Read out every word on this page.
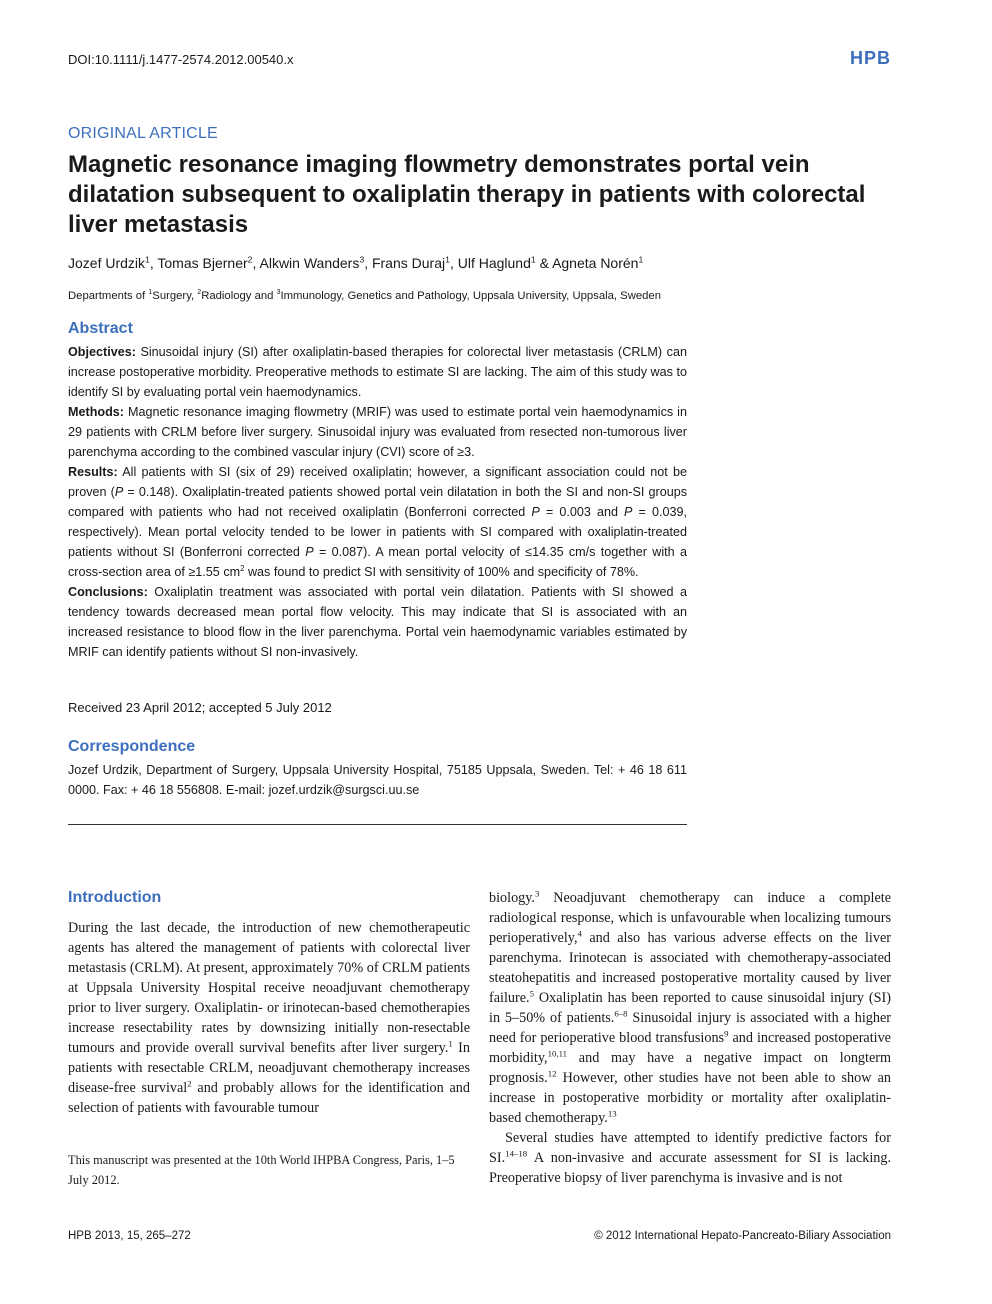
DOI:10.1111/j.1477-2574.2012.00540.x	HPB
ORIGINAL ARTICLE
Magnetic resonance imaging flowmetry demonstrates portal vein dilatation subsequent to oxaliplatin therapy in patients with colorectal liver metastasis
Jozef Urdzik$^1$, Tomas Bjerner$^2$, Alkwin Wanders$^3$, Frans Duraj$^1$, Ulf Haglund$^1$ & Agneta Norén$^1$
Departments of $^1$Surgery, $^2$Radiology and $^3$Immunology, Genetics and Pathology, Uppsala University, Uppsala, Sweden
Abstract

Objectives: Sinusoidal injury (SI) after oxaliplatin-based therapies for colorectal liver metastasis (CRLM) can increase postoperative morbidity. Preoperative methods to estimate SI are lacking. The aim of this study was to identify SI by evaluating portal vein haemodynamics.

Methods: Magnetic resonance imaging flowmetry (MRIF) was used to estimate portal vein haemodynamics in 29 patients with CRLM before liver surgery. Sinusoidal injury was evaluated from resected non-tumorous liver parenchyma according to the combined vascular injury (CVI) score of ≥3.

Results: All patients with SI (six of 29) received oxaliplatin; however, a significant association could not be proven (P = 0.148). Oxaliplatin-treated patients showed portal vein dilatation in both the SI and non-SI groups compared with patients who had not received oxaliplatin (Bonferroni corrected P = 0.003 and P = 0.039, respectively). Mean portal velocity tended to be lower in patients with SI compared with oxaliplatin-treated patients without SI (Bonferroni corrected P = 0.087). A mean portal velocity of ≤14.35 cm/s together with a cross-section area of ≥1.55 $cm^2$ was found to predict SI with sensitivity of 100% and specificity of 78%.

Conclusions: Oxaliplatin treatment was associated with portal vein dilatation. Patients with SI showed a tendency towards decreased mean portal flow velocity. This may indicate that SI is associated with an increased resistance to blood flow in the liver parenchyma. Portal vein haemodynamic variables estimated by MRIF can identify patients without SI non-invasively.

Received 23 April 2012; accepted 5 July 2012
Correspondence
Jozef Urdzik, Department of Surgery, Uppsala University Hospital, 75185 Uppsala, Sweden. Tel: + 46 18 611 0000. Fax: + 46 18 556808. E-mail: jozef.urdzik@surgsci.uu.se
Introduction

During the last decade, the introduction of new chemotherapeutic agents has altered the management of patients with colorectal liver metastasis (CRLM). At present, approximately 70% of CRLM patients at Uppsala University Hospital receive neoadjuvant chemotherapy prior to liver surgery. Oxaliplatin- or irinotecan-based chemotherapies increase resectability rates by downsizing initially non-resectable tumours and provide overall survival benefits after liver surgery.$^1$ In patients with resectable CRLM, neoadjuvant chemotherapy increases disease-free survival$^2$ and probably allows for the identification and selection of patients with favourable tumour

biology.$^3$ Neoadjuvant chemotherapy can induce a complete radiological response, which is unfavourable when localizing tumours perioperatively,$^4$ and also has various adverse effects on the liver parenchyma. Irinotecan is associated with chemotherapy-associated steatohepatitis and increased postoperative mortality caused by liver failure.$^5$ Oxaliplatin has been reported to cause sinusoidal injury (SI) in 5–50% of patients.$^{6-8}$ Sinusoidal injury is associated with a higher need for perioperative blood transfusions$^9$ and increased postoperative morbidity,$^{10,11}$ and may have a negative impact on longterm prognosis.$^{12}$ However, other studies have not been able to show an increase in postoperative morbidity or mortality after oxaliplatin-based chemotherapy.$^{13}$

Several studies have attempted to identify predictive factors for SI.$^{14-18}$ A non-invasive and accurate assessment for SI is lacking. Preoperative biopsy of liver parenchyma is invasive and is not

This manuscript was presented at the 10th World IHPBA Congress, Paris, 1–5 July 2012.
HPB 2013, 15, 265–272	© 2012 International Hepato-Pancreato-Biliary Association
